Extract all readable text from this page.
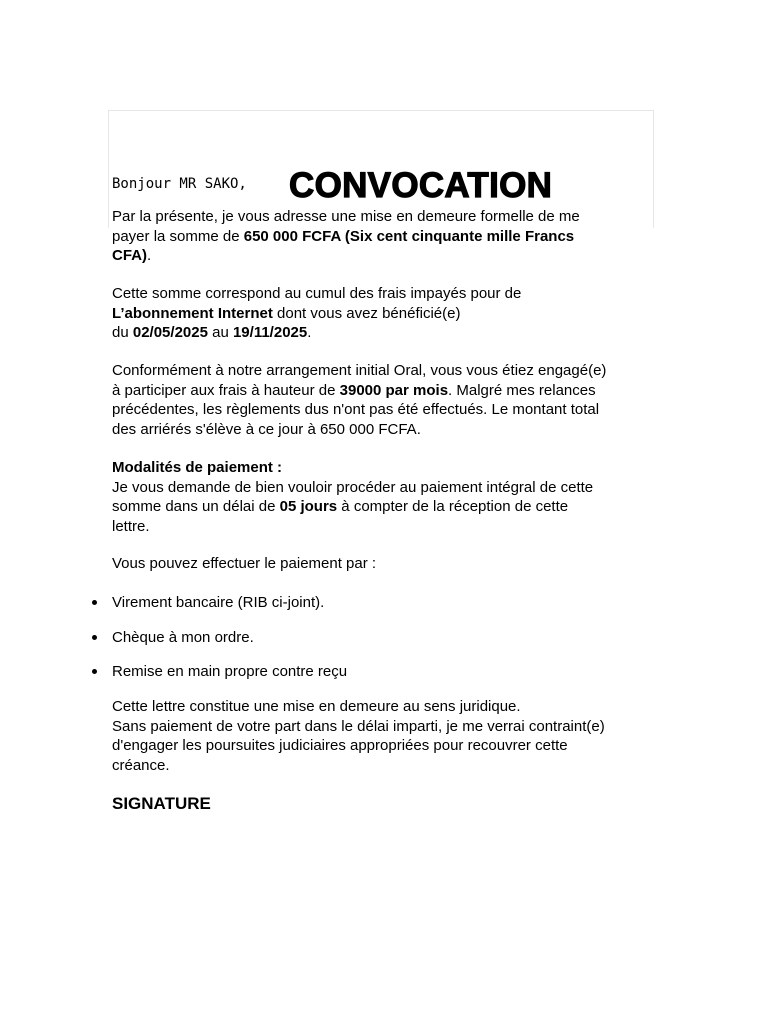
Bonjour MR SAKO, CONVOCATION
Par la présente, je vous adresse une mise en demeure formelle de me
payer la somme de 650 000 FCFA (Six cent cinquante mille Francs
CFA).
Cette somme correspond au cumul des frais impayés pour de
L’abonnement Internet dont vous avez bénéficié(e)
du 02/05/2025 au 19/11/2025.
Conformément à notre arrangement initial Oral, vous vous étiez engagé(e)
à participer aux frais à hauteur de 39000 par mois. Malgré mes relances
précédentes, les règlements dus n'ont pas été effectués. Le montant total
des arriérés s'élève à ce jour à 650 000 FCFA.
Modalités de paiement :
Je vous demande de bien vouloir procéder au paiement intégral de cette
somme dans un délai de 05 jours à compter de la réception de cette
lettre.
Vous pouvez effectuer le paiement par :
Virement bancaire (RIB ci-joint).
Chèque à mon ordre.
Remise en main propre contre reçu
Cette lettre constitue une mise en demeure au sens juridique.
Sans paiement de votre part dans le délai imparti, je me verrai contraint(e)
d'engager les poursuites judiciaires appropriées pour recouvrer cette
créance.
SIGNATURE
